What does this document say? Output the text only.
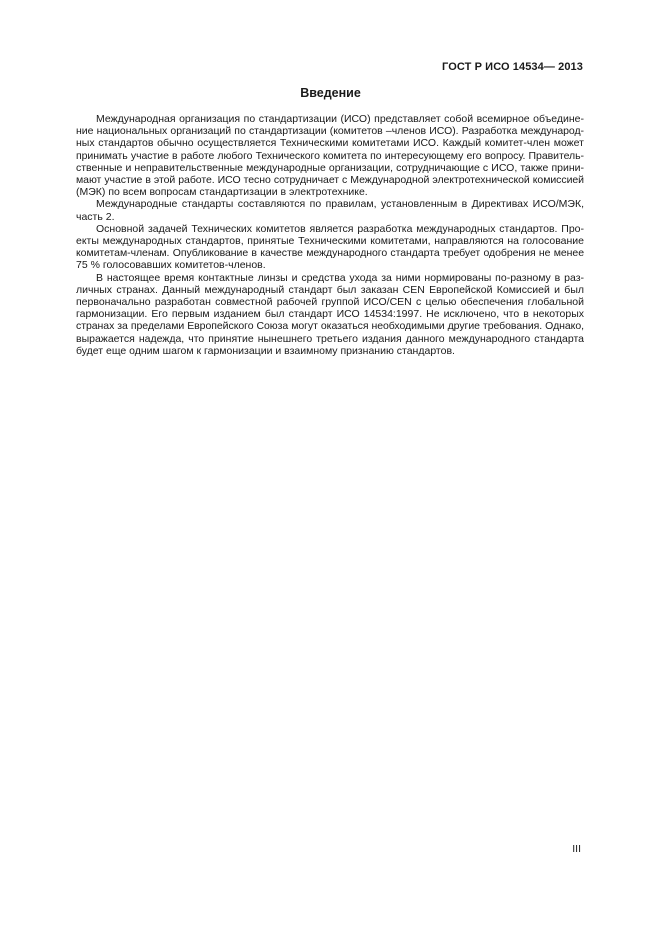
ГОСТ Р ИСО 14534— 2013
Введение
Международная организация по стандартизации (ИСО) представляет собой всемирное объедине-
ние национальных организаций по стандартизации (комитетов –членов ИСО). Разработка международ-
ных стандартов обычно осуществляется Техническими комитетами ИСО. Каждый комитет-член может
принимать участие в работе любого Технического комитета по интересующему его вопросу. Правитель-
ственные и неправительственные международные организации, сотрудничающие с ИСО, также прини-
мают участие в этой работе. ИСО тесно сотрудничает с Международной электротехнической комиссией
(МЭК) по всем вопросам стандартизации в электротехнике.
Международные стандарты составляются по правилам, установленным в Директивах ИСО/МЭК,
часть 2.
Основной задачей Технических комитетов является разработка международных стандартов. Про-
екты международных стандартов, принятые Техническими комитетами, направляются на голосование
комитетам-членам. Опубликование в качестве международного стандарта требует одобрения не менее
75 % голосовавших комитетов-членов.
В настоящее время контактные линзы и средства ухода за ними нормированы по-разному в раз-
личных странах. Данный международный стандарт был заказан CEN Европейской Комиссией и был
первоначально разработан совместной рабочей группой ИСО/CEN с целью обеспечения глобальной
гармонизации. Его первым изданием был стандарт ИСО 14534:1997. Не исключено, что в некоторых
странах за пределами Европейского Союза могут оказаться необходимыми другие требования. Однако,
выражается надежда, что принятие нынешнего третьего издания данного международного стандарта
будет еще одним шагом к гармонизации и взаимному признанию стандартов.
III
